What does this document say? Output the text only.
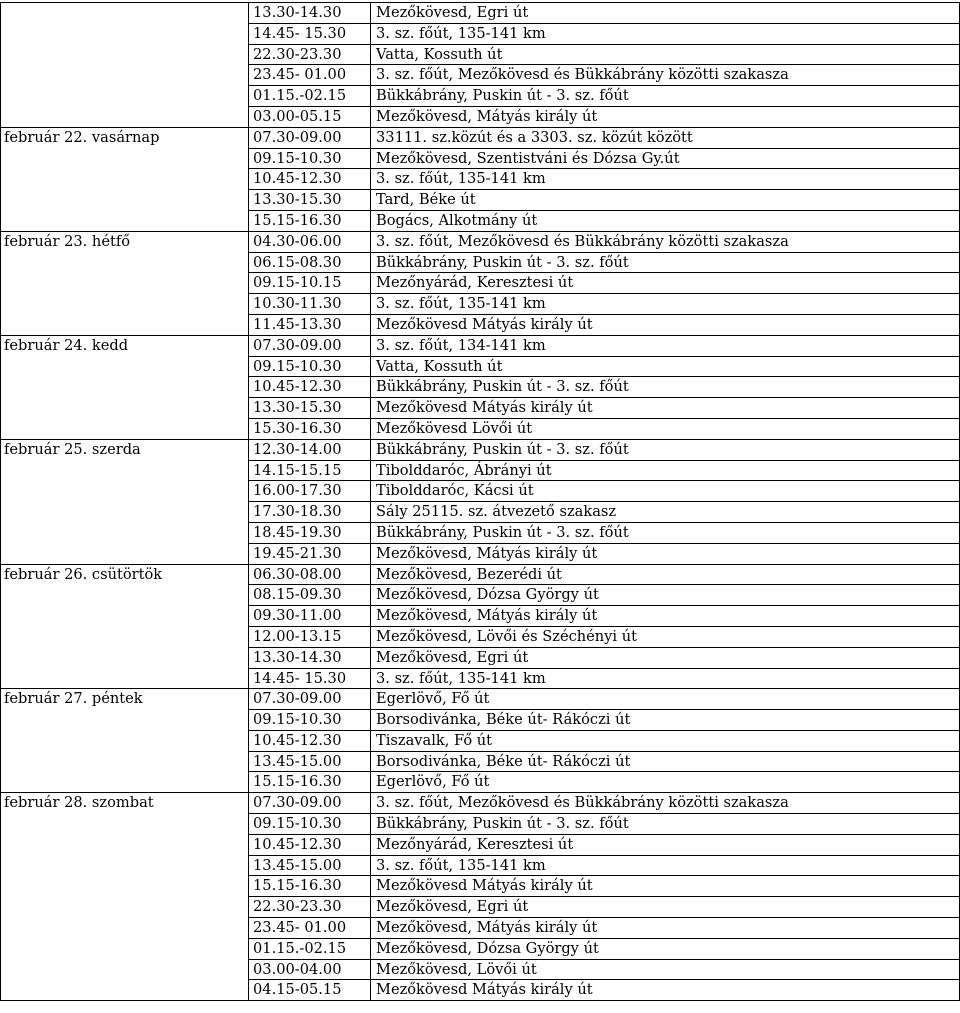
	13.30-14.30	Mezőkövesd, Egri út
	14.45- 15.30	3. sz. főút, 135-141 km
	22.30-23.30	Vatta, Kossuth út
	23.45- 01.00	3. sz. főút, Mezőkövesd és Bükkábrány közötti szakasza
	01.15.-02.15	Bükkábrány, Puskin út - 3. sz. főút
	03.00-05.15	Mezőkövesd, Mátyás király út
február 22. vasárnap	07.30-09.00	33111. sz.közút és a 3303. sz. közút között
	09.15-10.30	Mezőkövesd, Szentistváni és Dózsa Gy.út
	10.45-12.30	3. sz. főút, 135-141 km
	13.30-15.30	Tard, Béke út
	15.15-16.30	Bogács, Alkotmány út
február 23. hétfő	04.30-06.00	3. sz. főút, Mezőkövesd és Bükkábrány közötti szakasza
	06.15-08.30	Bükkábrány, Puskin út - 3. sz. főút
	09.15-10.15	Mezőnyárád, Keresztesi út
	10.30-11.30	3. sz. főút, 135-141 km
	11.45-13.30	Mezőkövesd Mátyás király út
február 24. kedd	07.30-09.00	3. sz. főút, 134-141 km
	09.15-10.30	Vatta, Kossuth út
	10.45-12.30	Bükkábrány, Puskin út - 3. sz. főút
	13.30-15.30	Mezőkövesd Mátyás király út
	15.30-16.30	Mezőkövesd Lövői út
február 25. szerda	12.30-14.00	Bükkábrány, Puskin út - 3. sz. főút
	14.15-15.15	Tibolddaróc, Ábrányi út
	16.00-17.30	Tibolddaróc, Kácsi út
	17.30-18.30	Sály 25115. sz. átvezető szakasz
	18.45-19.30	Bükkábrány, Puskin út - 3. sz. főút
	19.45-21.30	Mezőkövesd, Mátyás király út
február 26. csütörtök	06.30-08.00	Mezőkövesd, Bezerédi út
	08.15-09.30	Mezőkövesd, Dózsa György út
	09.30-11.00	Mezőkövesd, Mátyás király út
	12.00-13.15	Mezőkövesd, Lövői és Széchényi út
	13.30-14.30	Mezőkövesd, Egri út
	14.45- 15.30	3. sz. főút, 135-141 km
február 27. péntek	07.30-09.00	Egerlövő, Fő út
	09.15-10.30	Borsodivánka, Béke út- Rákóczi út
	10.45-12.30	Tiszavalk, Fő út
	13.45-15.00	Borsodivánka, Béke út- Rákóczi út
	15.15-16.30	Egerlövő, Fő út
február 28. szombat	07.30-09.00	3. sz. főút, Mezőkövesd és Bükkábrány közötti szakasza
	09.15-10.30	Bükkábrány, Puskin út - 3. sz. főút
	10.45-12.30	Mezőnyárád, Keresztesi út
	13.45-15.00	3. sz. főút, 135-141 km
	15.15-16.30	Mezőkövesd Mátyás király út
	22.30-23.30	Mezőkövesd, Egri út
	23.45- 01.00	Mezőkövesd, Mátyás király út
	01.15.-02.15	Mezőkövesd, Dózsa György út
	03.00-04.00	Mezőkövesd, Lövői út
	04.15-05.15	Mezőkövesd Mátyás király út
